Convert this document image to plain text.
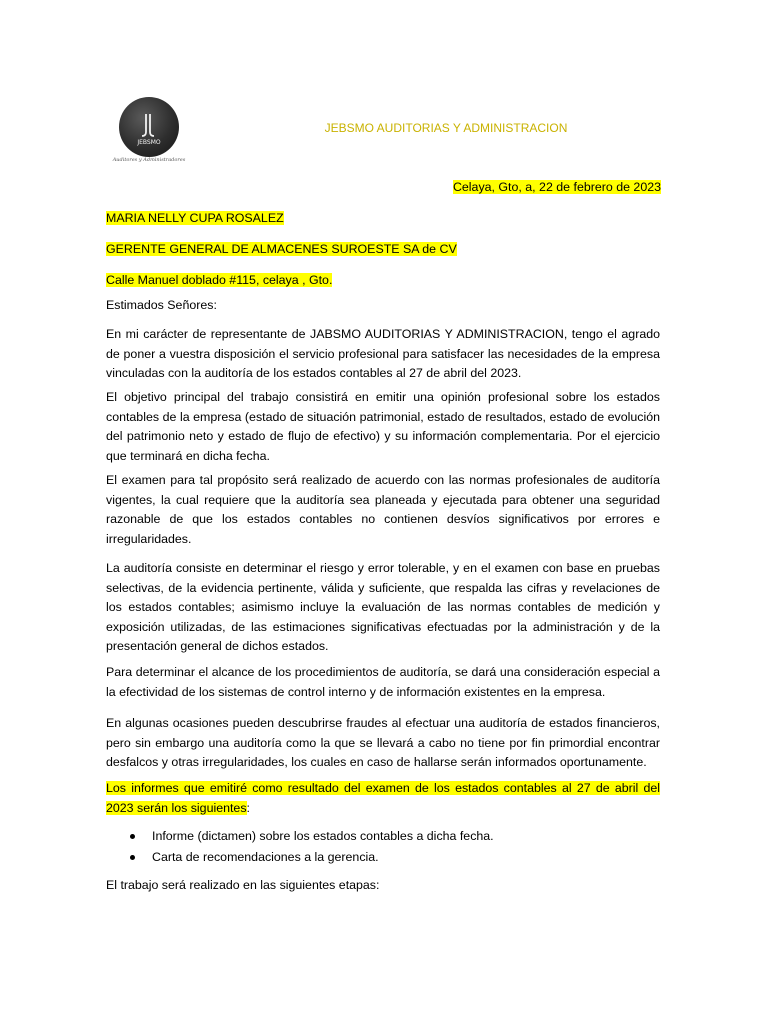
JEBSMO
Auditores y Administradores
JEBSMO AUDITORIAS Y ADMINISTRACION
Celaya, Gto, a, 22 de febrero de 2023
MARIA NELLY CUPA ROSALEZ
GERENTE GENERAL DE ALMACENES SUROESTE SA de CV
Calle Manuel doblado #115, celaya , Gto.
Estimados Señores:
En mi carácter de representante de JABSMO AUDITORIAS Y ADMINISTRACION, tengo el agrado de poner a vuestra disposición el servicio profesional para satisfacer las necesidades de la empresa vinculadas con la auditoría de los estados contables al 27 de abril del 2023.
El objetivo principal del trabajo consistirá en emitir una opinión profesional sobre los estados contables de la empresa (estado de situación patrimonial, estado de resultados, estado de evolución del patrimonio neto y estado de flujo de efectivo) y su información complementaria. Por el ejercicio que terminará en dicha fecha.
El examen para tal propósito será realizado de acuerdo con las normas profesionales de auditoría vigentes, la cual requiere que la auditoría sea planeada y ejecutada para obtener una seguridad razonable de que los estados contables no contienen desvíos significativos por errores e irregularidades.
La auditoría consiste en determinar el riesgo y error tolerable, y en el examen con base en pruebas selectivas, de la evidencia pertinente, válida y suficiente, que respalda las cifras y revelaciones de los estados contables; asimismo incluye la evaluación de las normas contables de medición y exposición utilizadas, de las estimaciones significativas efectuadas por la administración y de la presentación general de dichos estados.
Para determinar el alcance de los procedimientos de auditoría, se dará una consideración especial a la efectividad de los sistemas de control interno y de información existentes en la empresa.
En algunas ocasiones pueden descubrirse fraudes al efectuar una auditoría de estados financieros, pero sin embargo una auditoría como la que se llevará a cabo no tiene por fin primordial encontrar desfalcos y otras irregularidades, los cuales en caso de hallarse serán informados oportunamente.
Los informes que emitiré como resultado del examen de los estados contables al 27 de abril del
2023 serán los siguientes:
Informe (dictamen) sobre los estados contables a dicha fecha.
Carta de recomendaciones a la gerencia.
El trabajo será realizado en las siguientes etapas:
